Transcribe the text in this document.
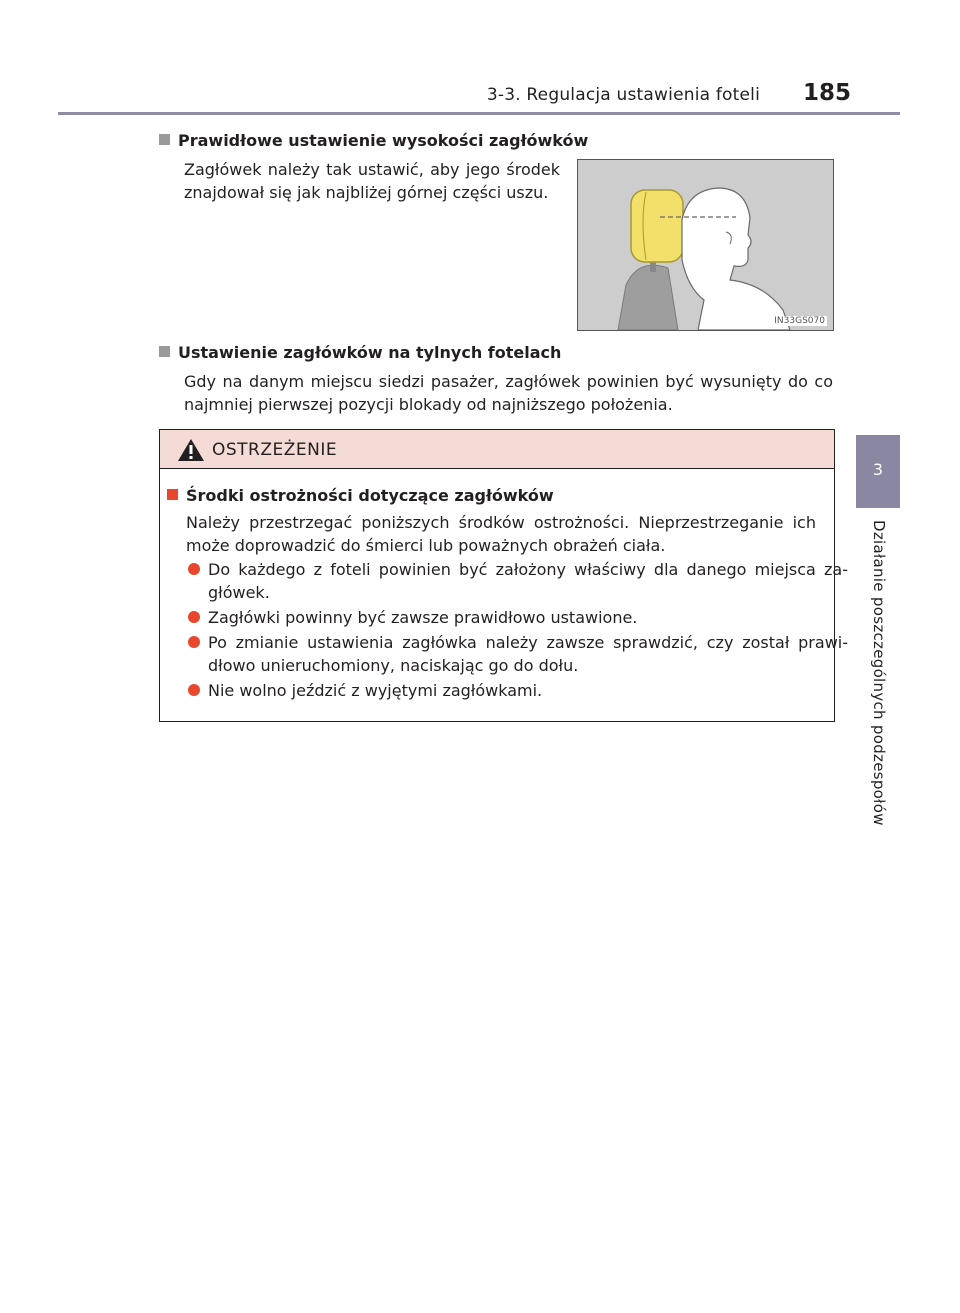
3-3. Regulacja ustawienia foteli 185
3
Działanie poszczególnych podzespołów
Prawidłowe ustawienie wysokości zagłówków
Zagłówek należy tak ustawić, aby jego środek znajdował się jak najbliżej górnej części uszu.
IN33GS070
Ustawienie zagłówków na tylnych fotelach
Gdy na danym miejscu siedzi pasażer, zagłówek powinien być wysunięty do co najmniej pierwszej pozycji blokady od najniższego położenia.
OSTRZEŻENIE
Środki ostrożności dotyczące zagłówków
Należy przestrzegać poniższych środków ostrożności. Nieprzestrzeganie ich może doprowadzić do śmierci lub poważnych obrażeń ciała.
Do każdego z foteli powinien być założony właściwy dla danego miejsca za-główek.
Zagłówki powinny być zawsze prawidłowo ustawione.
Po zmianie ustawienia zagłówka należy zawsze sprawdzić, czy został prawi-dłowo unieruchomiony, naciskając go do dołu.
Nie wolno jeździć z wyjętymi zagłówkami.
